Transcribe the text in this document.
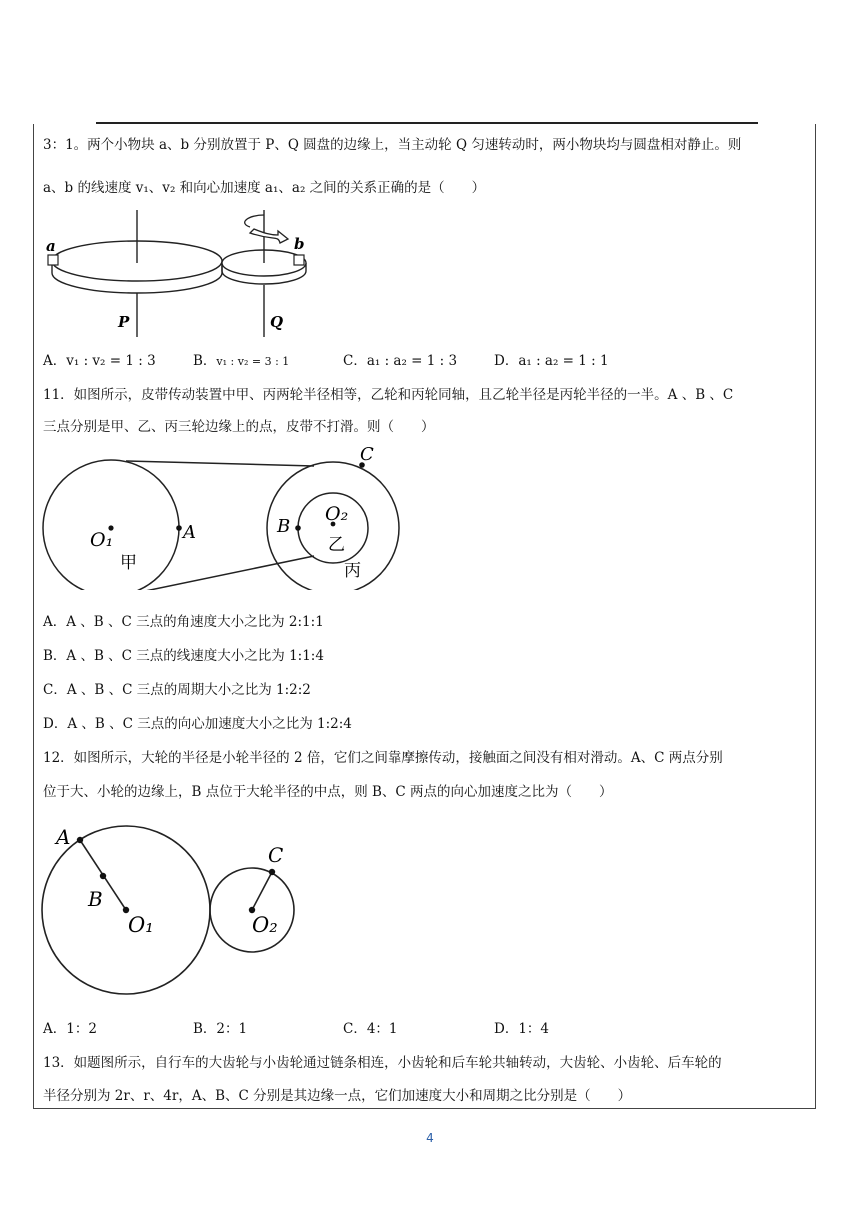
3：1。两个小物块 a、b 分别放置于 P、Q 圆盘的边缘上，当主动轮 Q 匀速转动时，两小物块均与圆盘相对静止。则
a、b 的线速度 v₁、v₂ 和向心加速度 a₁、a₂ 之间的关系正确的是（　　）
a	b
P	Q
A．v₁ : v₂ = 1 : 3	B．v₁ : v₂ = 3 : 1	C．a₁ : a₂ = 1 : 3	D．a₁ : a₂ = 1 : 1
11．如图所示，皮带传动装置中甲、丙两轮半径相等，乙轮和丙轮同轴，且乙轮半径是丙轮半径的一半。A 、B 、C
三点分别是甲、乙、丙三轮边缘上的点，皮带不打滑。则（　　）
O₁
甲
A	B
O₂
乙
丙
C
A．A 、B 、C 三点的角速度大小之比为 2:1:1
B．A 、B 、C 三点的线速度大小之比为 1:1:4
C．A 、B 、C 三点的周期大小之比为 1:2:2
D．A 、B 、C 三点的向心加速度大小之比为 1:2:4
12．如图所示，大轮的半径是小轮半径的 2 倍，它们之间靠摩擦传动，接触面之间没有相对滑动。A、C 两点分别
位于大、小轮的边缘上，B 点位于大轮半径的中点，则 B、C 两点的向心加速度之比为（　　）
A
B
O₁
C
O₂
A．1：2	B．2：1	C．4：1	D．1：4
13．如题图所示，自行车的大齿轮与小齿轮通过链条相连，小齿轮和后车轮共轴转动，大齿轮、小齿轮、后车轮的
半径分别为 2r、r、4r，A、B、C 分别是其边缘一点，它们加速度大小和周期之比分别是（　　）
4
